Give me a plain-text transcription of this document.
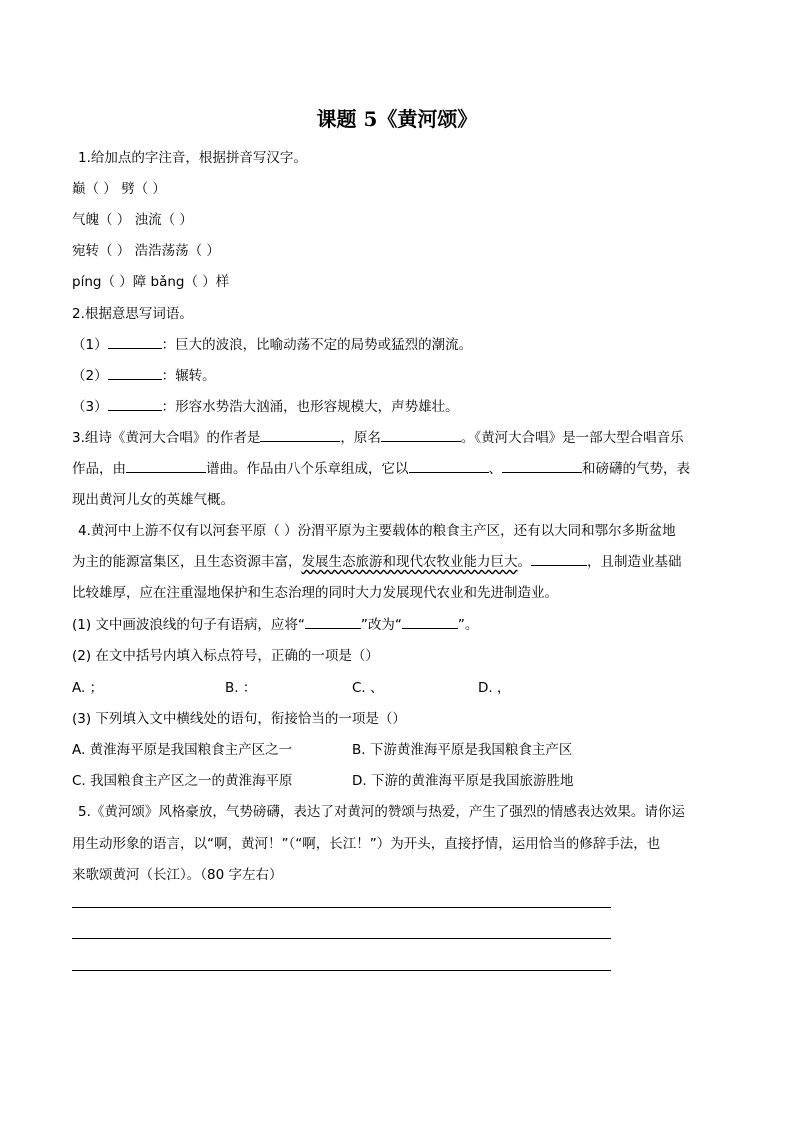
课题 5《黄河颂》
1.给加点的字注音，根据拼音写汉字。
巅（ ） 劈（ ）
气魄（ ） 浊流（ ）
宛转（ ） 浩浩荡荡（ ）
píng（ ）障 bǎng（ ）样
2.根据意思写词语。
（1）	：巨大的波浪，比喻动荡不定的局势或猛烈的潮流。
（2）	：辗转。
（3）	：形容水势浩大汹涌，也形容规模大，声势雄壮。
3.组诗《黄河大合唱》的作者是	，原名	。《黄河大合唱》是一部大型合唱音乐
作品，由	谱曲。作品由八个乐章组成，它以	、	和磅礴的气势，表
现出黄河儿女的英雄气概。
4.黄河中上游不仅有以河套平原（ ）汾渭平原为主要载体的粮食主产区，还有以大同和鄂尔多斯盆地
为主的能源富集区，且生态资源丰富，发展生态旅游和现代农牧业能力巨大。	，且制造业基础
比较雄厚，应在注重湿地保护和生态治理的同时大力发展现代农业和先进制造业。
(1) 文中画波浪线的句子有语病，应将“	”改为“	”。
(2) 在文中括号内填入标点符号，正确的一项是（）
A. ；	B. ：	C. 、	D. ，
(3) 下列填入文中横线处的语句，衔接恰当的一项是（）
A. 黄淮海平原是我国粮食主产区之一	B. 下游黄淮海平原是我国粮食主产区
C. 我国粮食主产区之一的黄淮海平原	D. 下游的黄淮海平原是我国旅游胜地
5.《黄河颂》风格豪放，气势磅礴，表达了对黄河的赞颂与热爱，产生了强烈的情感表达效果。请你运
用生动形象的语言，以“啊，黄河！”（“啊，长江！”）为开头，直接抒情，运用恰当的修辞手法，也
来歌颂黄河（长江）。（80 字左右）
